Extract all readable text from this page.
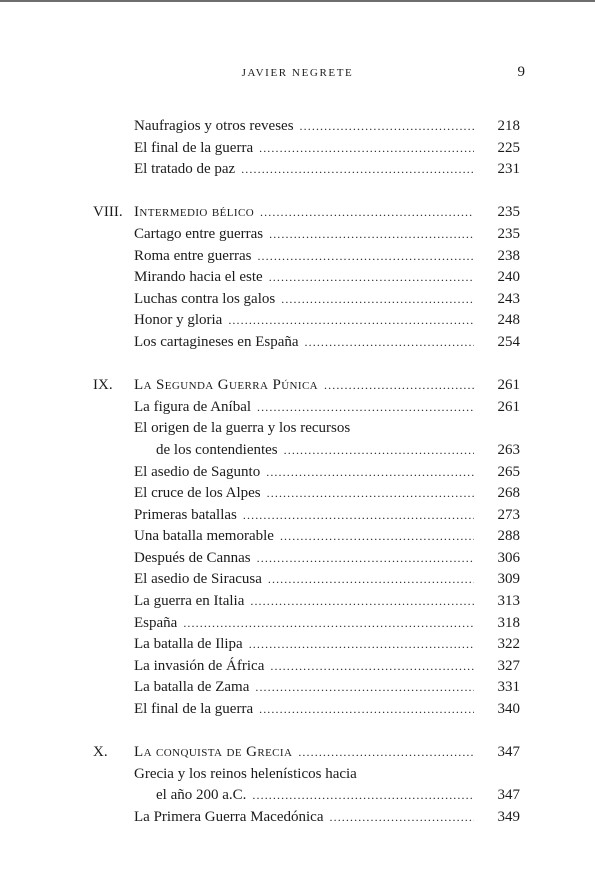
JAVIER NEGRETE	9
Naufragios y otros reveses .....	218
El final de la guerra .....	225
El tratado de paz .....	231
VIII. Intermedio bélico .....	235
Cartago entre guerras .....	235
Roma entre guerras .....	238
Mirando hacia el este .....	240
Luchas contra los galos .....	243
Honor y gloria .....	248
Los cartagineses en España .....	254
IX. La Segunda Guerra Púnica .....	261
La figura de Aníbal .....	261
El origen de la guerra y los recursos
de los contendientes .....	263
El asedio de Sagunto .....	265
El cruce de los Alpes .....	268
Primeras batallas .....	273
Una batalla memorable .....	288
Después de Cannas .....	306
El asedio de Siracusa .....	309
La guerra en Italia .....	313
España .....	318
La batalla de Ilipa .....	322
La invasión de África .....	327
La batalla de Zama .....	331
El final de la guerra .....	340
X. La conquista de Grecia .....	347
Grecia y los reinos helenísticos hacia
el año 200 a.C. .....	347
La Primera Guerra Macedónica .....	349
